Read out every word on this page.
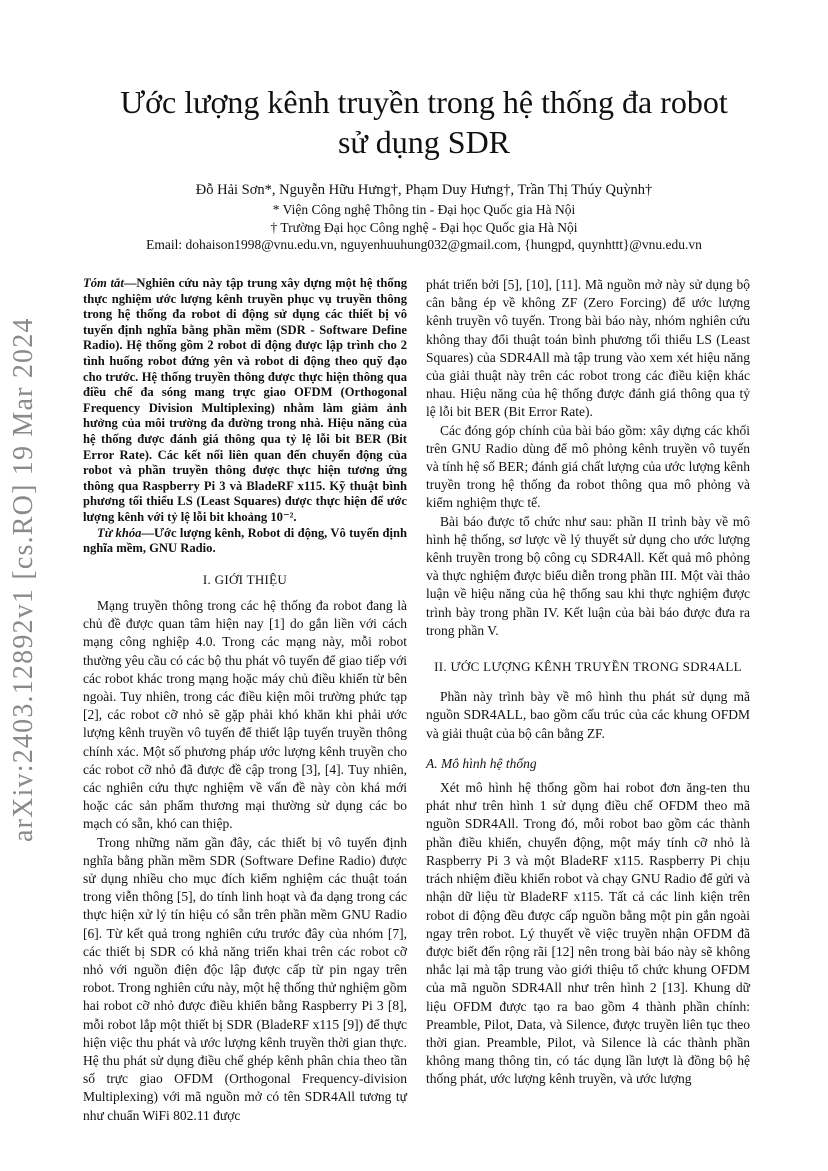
arXiv:2403.12892v1 [cs.RO] 19 Mar 2024
Ước lượng kênh truyền trong hệ thống đa robot
sử dụng SDR
Đỗ Hải Sơn*, Nguyễn Hữu Hưng†, Phạm Duy Hưng†, Trần Thị Thúy Quỳnh†
* Viện Công nghệ Thông tin - Đại học Quốc gia Hà Nội
† Trường Đại học Công nghệ - Đại học Quốc gia Hà Nội
Email: dohaison1998@vnu.edu.vn, nguyenhuuhung032@gmail.com, {hungpd, quynhttt}@vnu.edu.vn
Tóm tắt—Nghiên cứu này tập trung xây dựng một hệ thống thực nghiệm ước lượng kênh truyền phục vụ truyền thông trong hệ thống đa robot di động sử dụng các thiết bị vô tuyến định nghĩa bằng phần mềm (SDR - Software Define Radio). Hệ thống gồm 2 robot di động được lập trình cho 2 tình huống robot đứng yên và robot di động theo quỹ đạo cho trước. Hệ thống truyền thông được thực hiện thông qua điều chế đa sóng mang trực giao OFDM (Orthogonal Frequency Division Multiplexing) nhằm làm giảm ảnh hưởng của môi trường đa đường trong nhà. Hiệu năng của hệ thống được đánh giá thông qua tỷ lệ lỗi bit BER (Bit Error Rate). Các kết nối liên quan đến chuyển động của robot và phần truyền thông được thực hiện tương ứng thông qua Raspberry Pi 3 và BladeRF x115. Kỹ thuật bình phương tối thiểu LS (Least Squares) được thực hiện để ước lượng kênh với tỷ lệ lỗi bit khoảng 10⁻².
Từ khóa—Ước lượng kênh, Robot di động, Vô tuyến định nghĩa mềm, GNU Radio.
I. GIỚI THIỆU

Mạng truyền thông trong các hệ thống đa robot đang là chủ đề được quan tâm hiện nay [1] do gắn liền với cách mạng công nghiệp 4.0. Trong các mạng này, mỗi robot thường yêu cầu có các bộ thu phát vô tuyến để giao tiếp với các robot khác trong mạng hoặc máy chủ điều khiển từ bên ngoài. Tuy nhiên, trong các điều kiện môi trường phức tạp [2], các robot cỡ nhỏ sẽ gặp phải khó khăn khi phải ước lượng kênh truyền vô tuyến để thiết lập tuyến truyền thông chính xác. Một số phương pháp ước lượng kênh truyền cho các robot cỡ nhỏ đã được đề cập trong [3], [4]. Tuy nhiên, các nghiên cứu thực nghiệm về vấn đề này còn khá mới hoặc các sản phẩm thương mại thường sử dụng các bo mạch có sẵn, khó can thiệp.

Trong những năm gần đây, các thiết bị vô tuyến định nghĩa bằng phần mềm SDR (Software Define Radio) được sử dụng nhiều cho mục đích kiểm nghiệm các thuật toán trong viễn thông [5], do tính linh hoạt và đa dạng trong các thực hiện xử lý tín hiệu có sẵn trên phần mềm GNU Radio [6]. Từ kết quả trong nghiên cứu trước đây của nhóm [7], các thiết bị SDR có khả năng triển khai trên các robot cỡ nhỏ với nguồn điện độc lập được cấp từ pin ngay trên robot. Trong nghiên cứu này, một hệ thống thử nghiệm gồm hai robot cỡ nhỏ được điều khiển bằng Raspberry Pi 3 [8], mỗi robot lắp một thiết bị SDR (BladeRF x115 [9]) để thực hiện việc thu phát và ước lượng kênh truyền thời gian thực. Hệ thu phát sử dụng điều chế ghép kênh phân chia theo tần số trực giao OFDM (Orthogonal Frequency-division Multiplexing) với mã nguồn mở có tên SDR4All tương tự như chuẩn WiFi 802.11 được

phát triển bởi [5], [10], [11]. Mã nguồn mở này sử dụng bộ cân bằng ép về không ZF (Zero Forcing) để ước lượng kênh truyền vô tuyến. Trong bài báo này, nhóm nghiên cứu không thay đổi thuật toán bình phương tối thiểu LS (Least Squares) của SDR4All mà tập trung vào xem xét hiệu năng của giải thuật này trên các robot trong các điều kiện khác nhau. Hiệu năng của hệ thống được đánh giá thông qua tỷ lệ lỗi bit BER (Bit Error Rate).

Các đóng góp chính của bài báo gồm: xây dựng các khối trên GNU Radio dùng để mô phỏng kênh truyền vô tuyến và tính hệ số BER; đánh giá chất lượng của ước lượng kênh truyền trong hệ thống đa robot thông qua mô phỏng và kiểm nghiệm thực tế.

Bài báo được tổ chức như sau: phần II trình bày về mô hình hệ thống, sơ lược về lý thuyết sử dụng cho ước lượng kênh truyền trong bộ công cụ SDR4All. Kết quả mô phỏng và thực nghiệm được biểu diễn trong phần III. Một vài thảo luận về hiệu năng của hệ thống sau khi thực nghiệm được trình bày trong phần IV. Kết luận của bài báo được đưa ra trong phần V.

II. ƯỚC LƯỢNG KÊNH TRUYỀN TRONG SDR4ALL

Phần này trình bày về mô hình thu phát sử dụng mã nguồn SDR4ALL, bao gồm cấu trúc của các khung OFDM và giải thuật của bộ cân bằng ZF.

A. Mô hình hệ thống

Xét mô hình hệ thống gồm hai robot đơn ăng-ten thu phát như trên hình 1 sử dụng điều chế OFDM theo mã nguồn SDR4All. Trong đó, mỗi robot bao gồm các thành phần điều khiển, chuyển động, một máy tính cỡ nhỏ là Raspberry Pi 3 và một BladeRF x115. Raspberry Pi chịu trách nhiệm điều khiển robot và chạy GNU Radio để gửi và nhận dữ liệu từ BladeRF x115. Tất cả các linh kiện trên robot di động đều được cấp nguồn bằng một pin gắn ngoài ngay trên robot. Lý thuyết về việc truyền nhận OFDM đã được biết đến rộng rãi [12] nên trong bài báo này sẽ không nhắc lại mà tập trung vào giới thiệu tổ chức khung OFDM của mã nguồn SDR4All như trên hình 2 [13]. Khung dữ liệu OFDM được tạo ra bao gồm 4 thành phần chính: Preamble, Pilot, Data, và Silence, được truyền liên tục theo thời gian. Preamble, Pilot, và Silence là các thành phần không mang thông tin, có tác dụng lần lượt là đồng bộ hệ thống phát, ước lượng kênh truyền, và ước lượng
